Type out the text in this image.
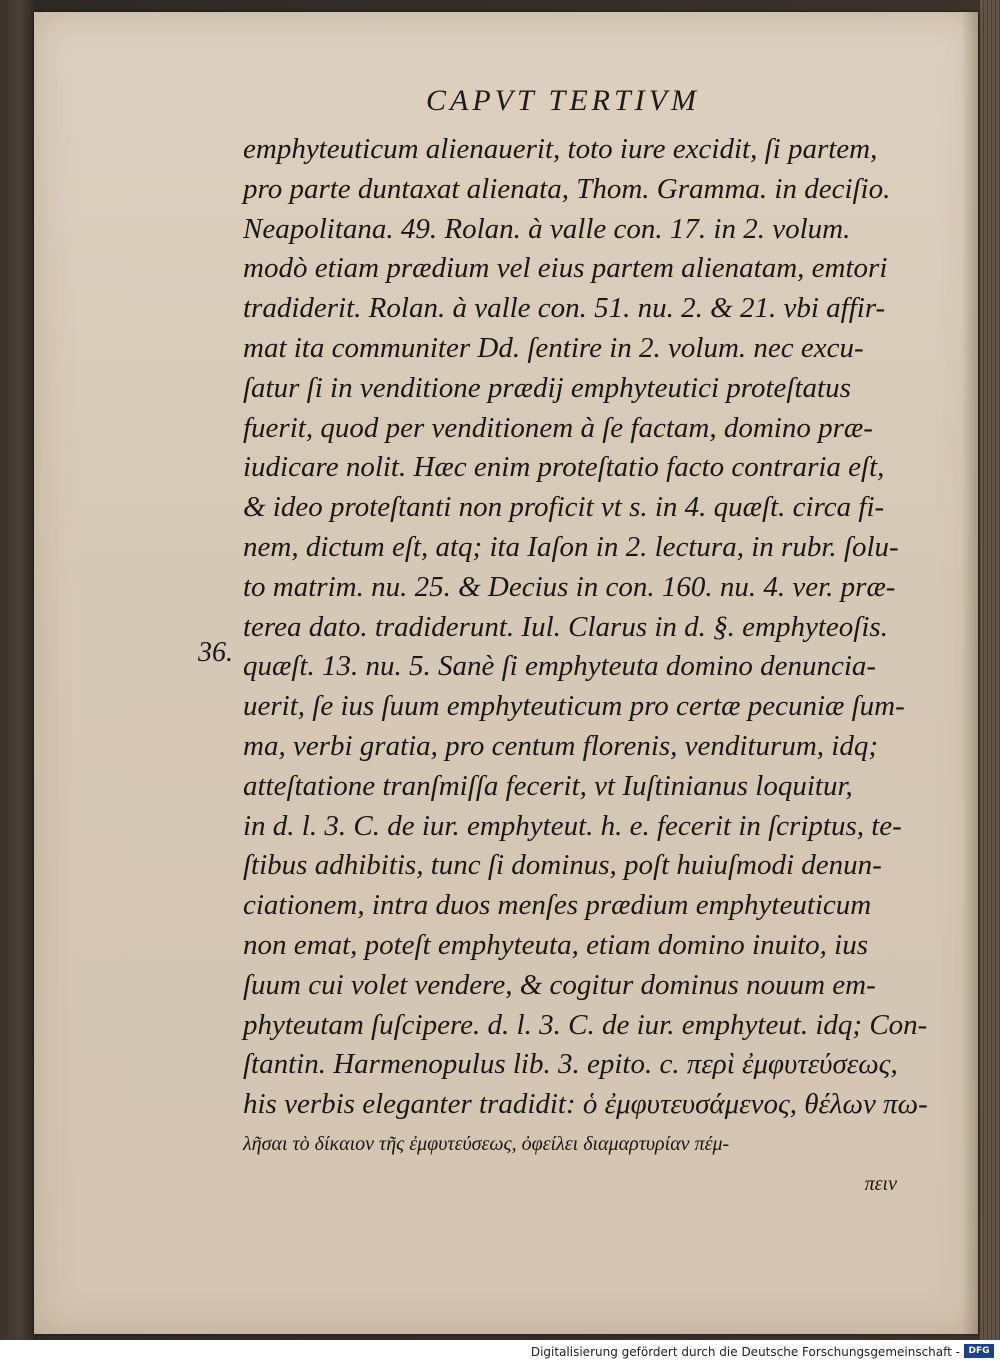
CAPVT TERTIVM
36.
emphyteuticum alienauerit, toto iure excidit, ſi partem,
pro parte duntaxat alienata, Thom. Gramma. in deciſio.
Neapolitana. 49. Rolan. à valle con. 17. in 2. volum.
modò etiam prædium vel eius partem alienatam, emtori
tradiderit. Rolan. à valle con. 51. nu. 2. & 21. vbi affir-
mat ita communiter Dd. ſentire in 2. volum. nec excu-
ſatur ſi in venditione prædij emphyteutici proteſtatus
fuerit, quod per venditionem à ſe factam, domino præ-
iudicare nolit. Hæc enim proteſtatio facto contraria eſt,
& ideo proteſtanti non proficit vt s. in 4. quæſt. circa fi-
nem, dictum eſt, atq; ita Iaſon in 2. lectura, in rubr. ſolu-
to matrim. nu. 25. & Decius in con. 160. nu. 4. ver. præ-
terea dato. tradiderunt. Iul. Clarus in d. §. emphyteoſis.
quæſt. 13. nu. 5. Sanè ſi emphyteuta domino denuncia-
uerit, ſe ius ſuum emphyteuticum pro certæ pecuniæ ſum-
ma, verbi gratia, pro centum florenis, venditurum, idq;
atteſtatione tranſmiſſa fecerit, vt Iuſtinianus loquitur,
in d. l. 3. C. de iur. emphyteut. h. e. fecerit in ſcriptus, te-
ſtibus adhibitis, tunc ſi dominus, poſt huiuſmodi denun-
ciationem, intra duos menſes prædium emphyteuticum
non emat, poteſt emphyteuta, etiam domino inuito, ius
ſuum cui volet vendere, & cogitur dominus nouum em-
phyteutam ſuſcipere. d. l. 3. C. de iur. emphyteut. idq; Con-
ſtantin. Harmenopulus lib. 3. epito. c. περὶ ἐμφυτεύσεως,
his verbis eleganter tradidit: ὁ ἐμφυτευσάμενος, θέλων πω-
λῆσαι τὸ δίκαιον τῆς ἐμφυτεύσεως, ὀφείλει διαμαρτυρίαν πέμ-
πειν
Digitalisierung gefördert durch die Deutsche Forschungsgemeinschaft - DFG
